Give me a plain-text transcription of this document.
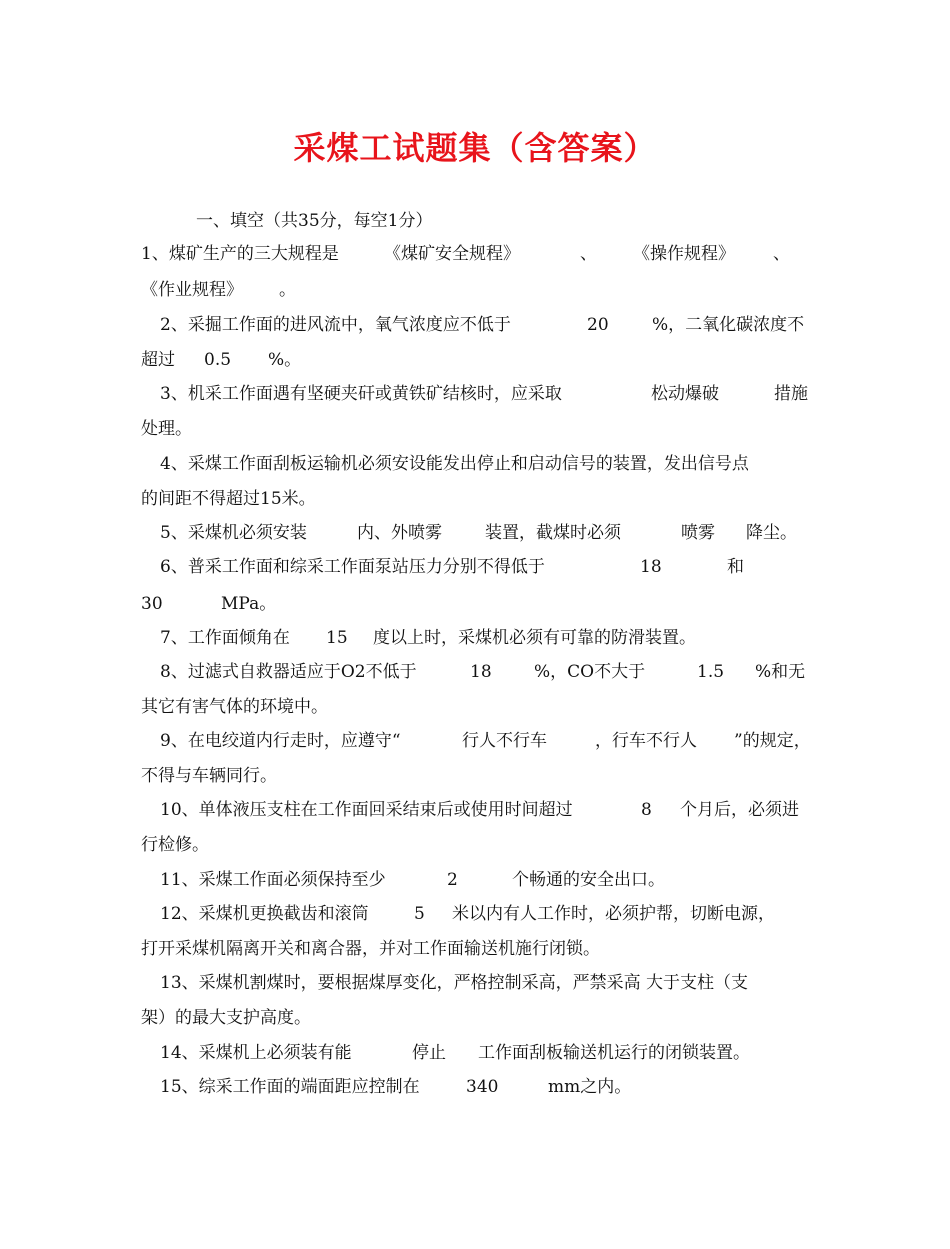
采煤工试题集（含答案）

一、填空（共35分，每空1分）

1、煤矿生产的三大规程是

	《煤矿安全规程》

	、

《操作规程》

、

《作业规程》

。

2、采掘工作面的进风流中，氧气浓度应不低于

	20

	%，二氧化碳浓度不

超过

0.5

%。

3、机采工作面遇有坚硬夹矸或黄铁矿结核时，应采取

	松动爆破

	措施

处理。

4、采煤工作面刮板运输机必须安设能发出停止和启动信号的装置，发出信号点

的间距不得超过15米。

5、采煤机必须安装

	内、外喷雾

	装置，截煤时必须

	喷雾

降尘。

6、普采工作面和综采工作面泵站压力分别不得低于

	18

	和

30

	MPa。

7、工作面倾角在

15

度以上时，采煤机必须有可靠的防滑装置。

8、过滤式自救器适应于O2不低于

	18

%，CO不大于

	1.5

%和无

其它有害气体的环境中。

9、在电绞道内行走时，应遵守“

	行人不行车

	，

行车不行人

”的规定，

不得与车辆同行。

10、单体液压支柱在工作面回采结束后或使用时间超过

	8

个月后，必须进

行检修。

11、采煤工作面必须保持至少

	2

	个畅通的安全出口。

12、采煤机更换截齿和滚筒

	5

米以内有人工作时，必须护帮，切断电源，

打开采煤机隔离开关和离合器，并对工作面输送机施行闭锁。

13、采煤机割煤时，要根据煤厚变化，严格控制采高，严禁采高 大于支柱（支

架）的最大支护高度。

14、采煤机上必须装有能

	停止

工作面刮板输送机运行的闭锁装置。

15、综采工作面的端面距应控制在

	340

	mm之内。
